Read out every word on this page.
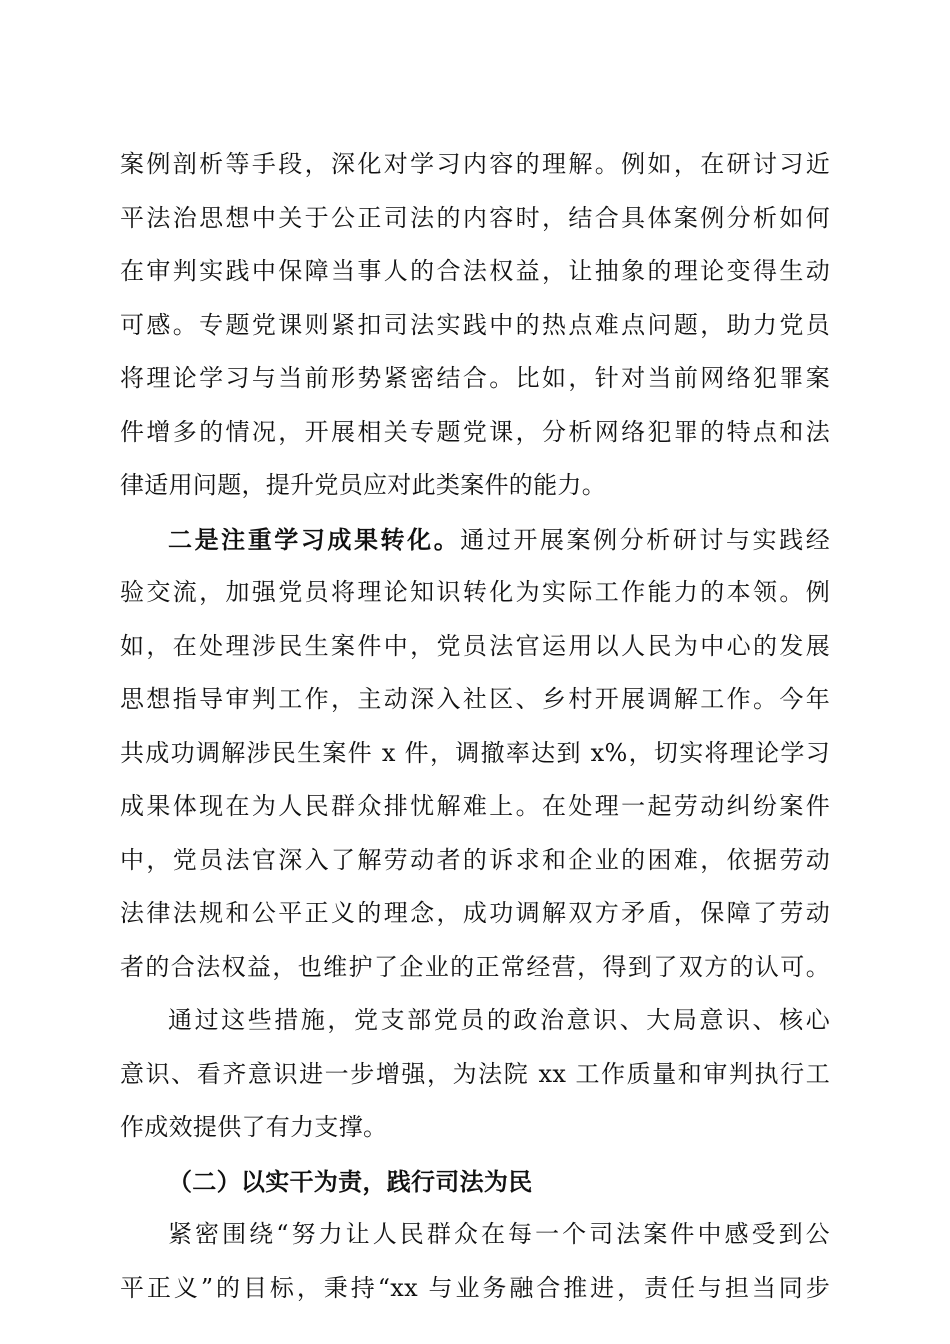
案例剖析等手段，深化对学习内容的理解。例如，在研讨习近
平法治思想中关于公正司法的内容时，结合具体案例分析如何
在审判实践中保障当事人的合法权益，让抽象的理论变得生动
可感。专题党课则紧扣司法实践中的热点难点问题，助力党员
将理论学习与当前形势紧密结合。比如，针对当前网络犯罪案
件增多的情况，开展相关专题党课，分析网络犯罪的特点和法
律适用问题，提升党员应对此类案件的能力。
二是注重学习成果转化。通过开展案例分析研讨与实践经
验交流，加强党员将理论知识转化为实际工作能力的本领。例
如，在处理涉民生案件中，党员法官运用以人民为中心的发展
思想指导审判工作，主动深入社区、乡村开展调解工作。今年
共成功调解涉民生案件 x 件，调撤率达到 x%，切实将理论学习
成果体现在为人民群众排忧解难上。在处理一起劳动纠纷案件
中，党员法官深入了解劳动者的诉求和企业的困难，依据劳动
法律法规和公平正义的理念，成功调解双方矛盾，保障了劳动
者的合法权益，也维护了企业的正常经营，得到了双方的认可。
通过这些措施，党支部党员的政治意识、大局意识、核心
意识、看齐意识进一步增强，为法院 xx 工作质量和审判执行工
作成效提供了有力支撑。
（二）以实干为责，践行司法为民
紧密围绕“努力让人民群众在每一个司法案件中感受到公
平正义”的目标，秉持“xx 与业务融合推进，责任与担当同步
